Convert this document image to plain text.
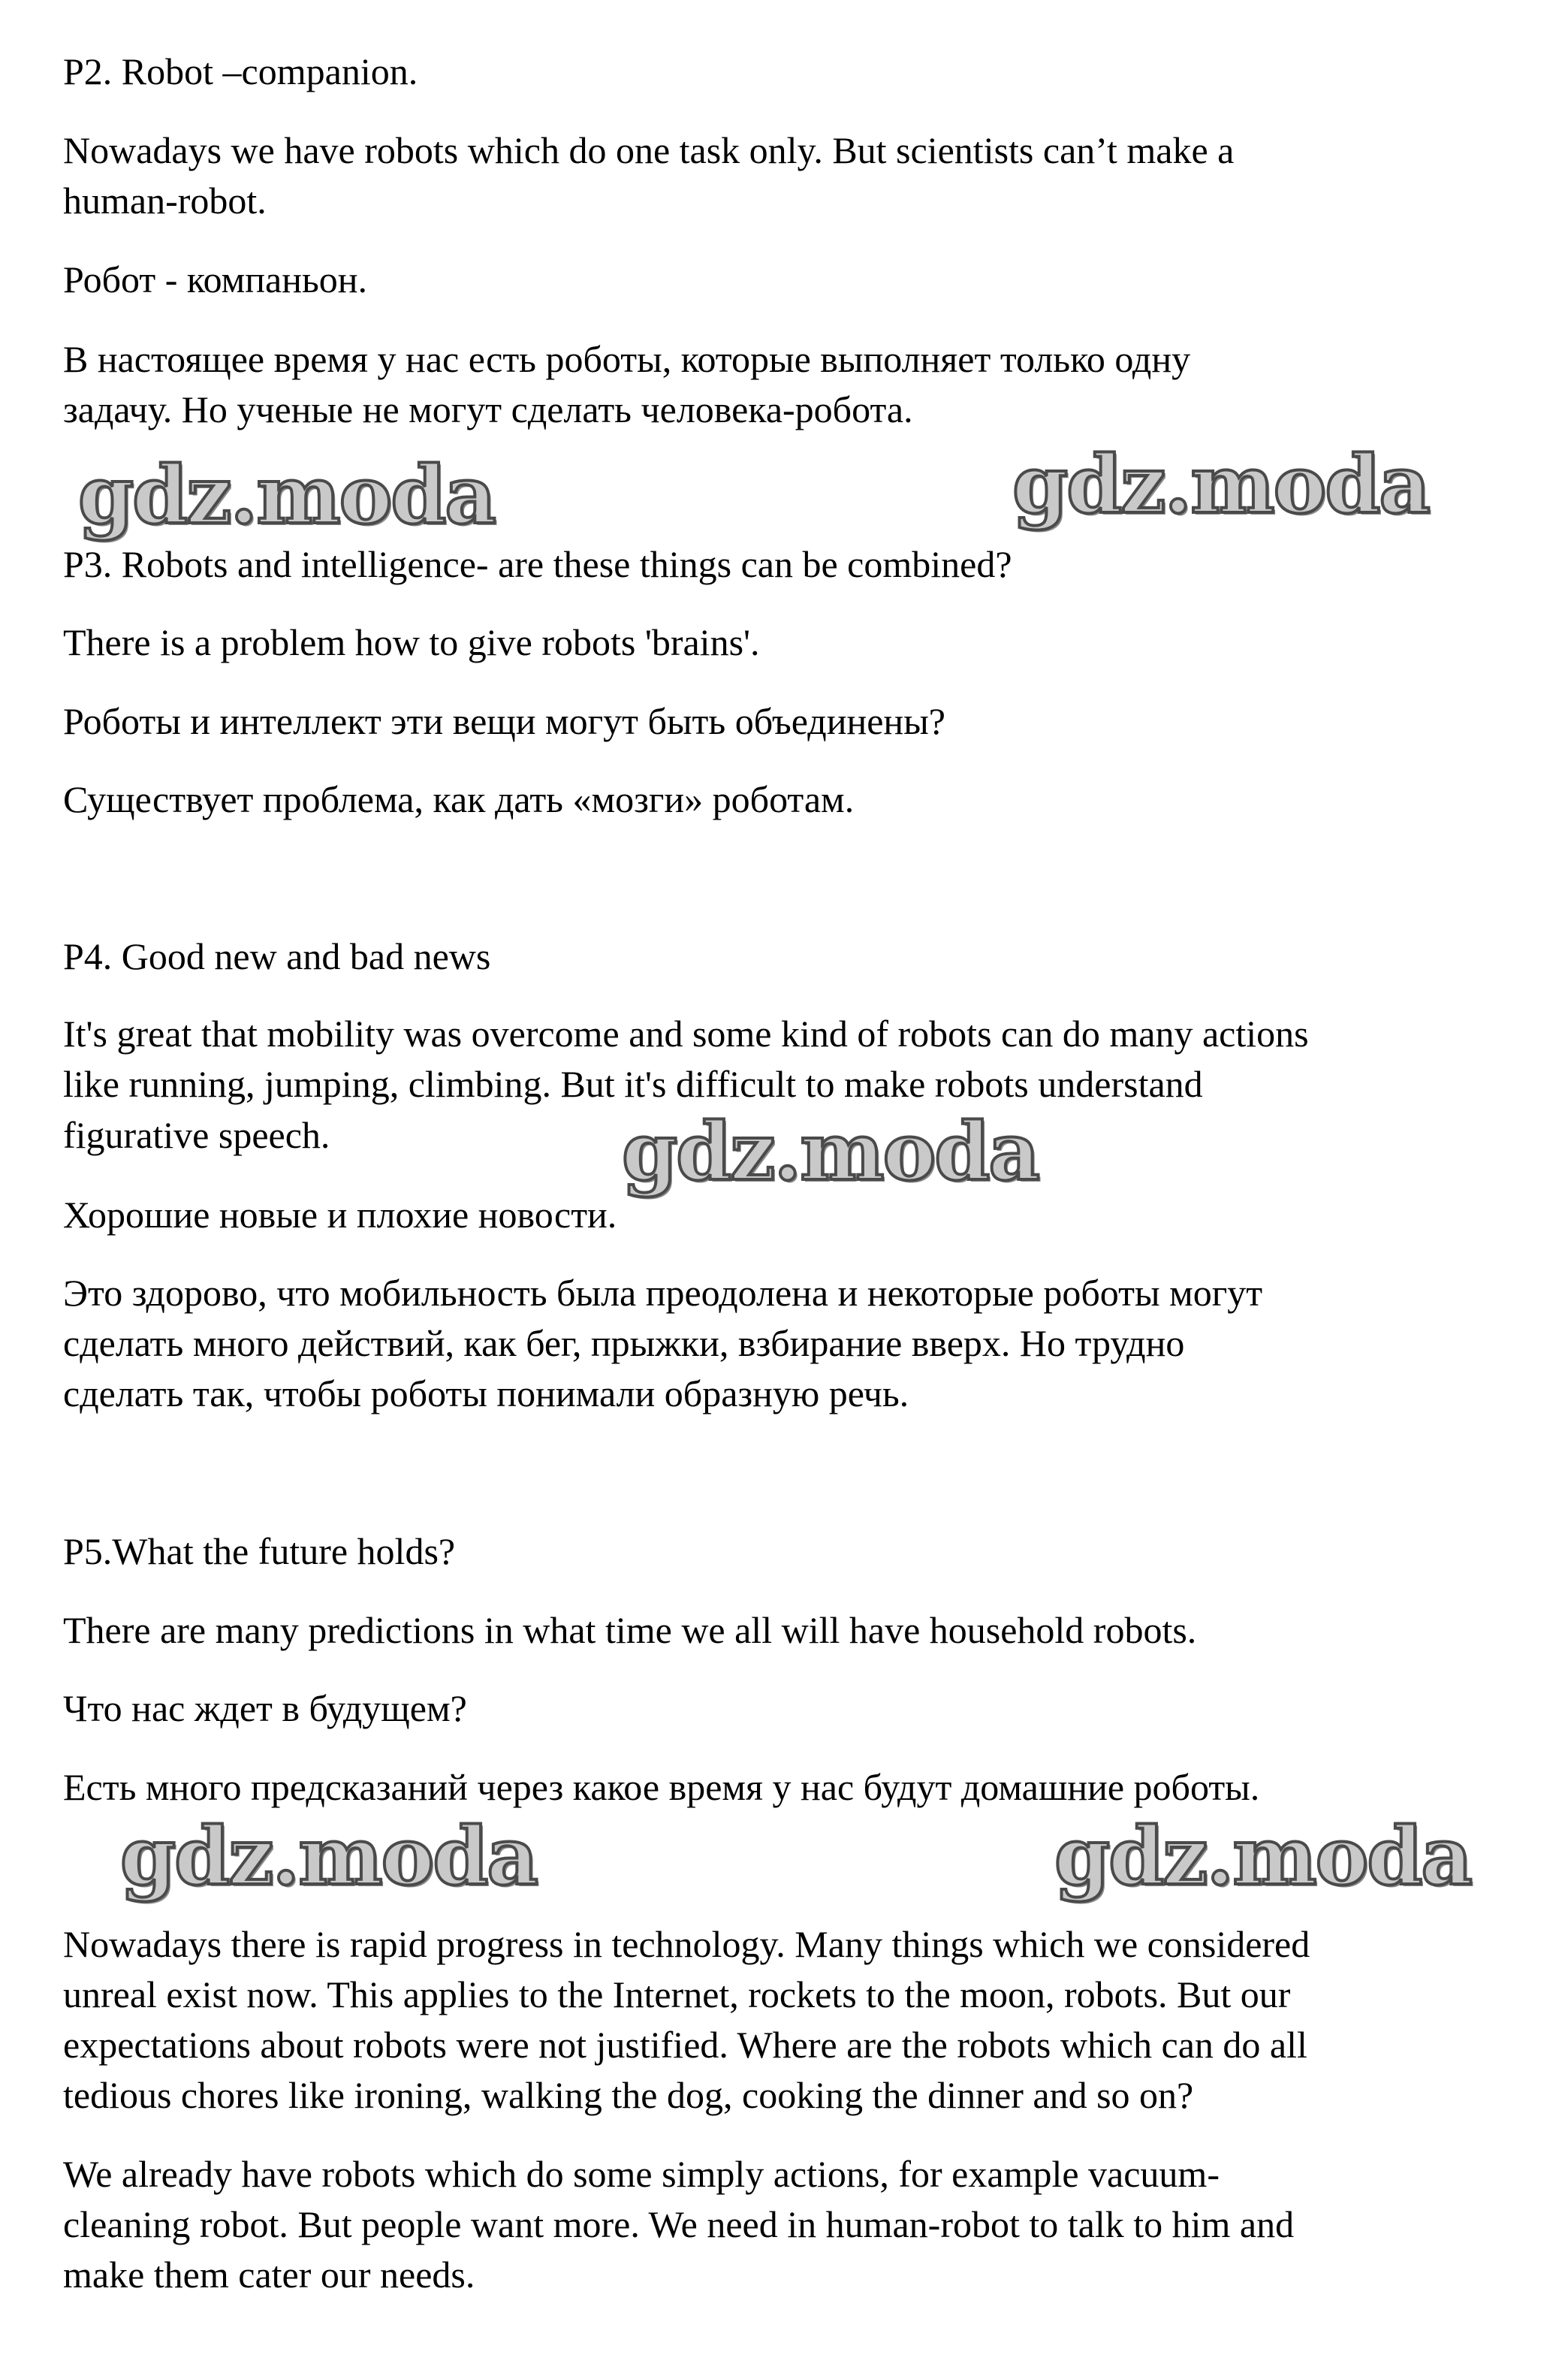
P2. Robot –companion.

Nowadays we have robots which do one task only. But scientists can’t make a

human-robot.

Робот - компаньон.

В настоящее время у нас есть роботы, которые выполняет только одну

задачу. Но ученые не могут сделать человека-робота.

P3. Robots and intelligence- are these things can be combined?

There is a problem how to give robots 'brains'.

Роботы и интеллект эти вещи могут быть объединены?

Существует проблема, как дать «мозги» роботам.

P4. Good new and bad news

It's great that mobility was overcome and some kind of robots can do many actions

like running, jumping, climbing. But it's difficult to make robots understand

figurative speech.

Хорошие новые и плохие новости.

Это здорово, что мобильность была преодолена и некоторые роботы могут

сделать много действий, как бег, прыжки, взбирание вверх. Но трудно

сделать так, чтобы роботы понимали образную речь.

P5.What the future holds?

There are many predictions in what time we all will have household robots.

Что нас ждет в будущем?

Есть много предсказаний через какое время у нас будут домашние роботы.

Nowadays there is rapid progress in technology. Many things which we considered

unreal exist now. This applies to the Internet, rockets to the moon, robots. But our

expectations about robots were not justified. Where are the robots which can do all

tedious chores like ironing, walking the dog, cooking the dinner and so on?

We already have robots which do some simply actions, for example vacuum-

cleaning robot. But people want more. We need in human-robot to talk to him and

make them cater our needs.

gdz.moda	gdz.moda
gdz.moda
gdz.moda	gdz.moda
